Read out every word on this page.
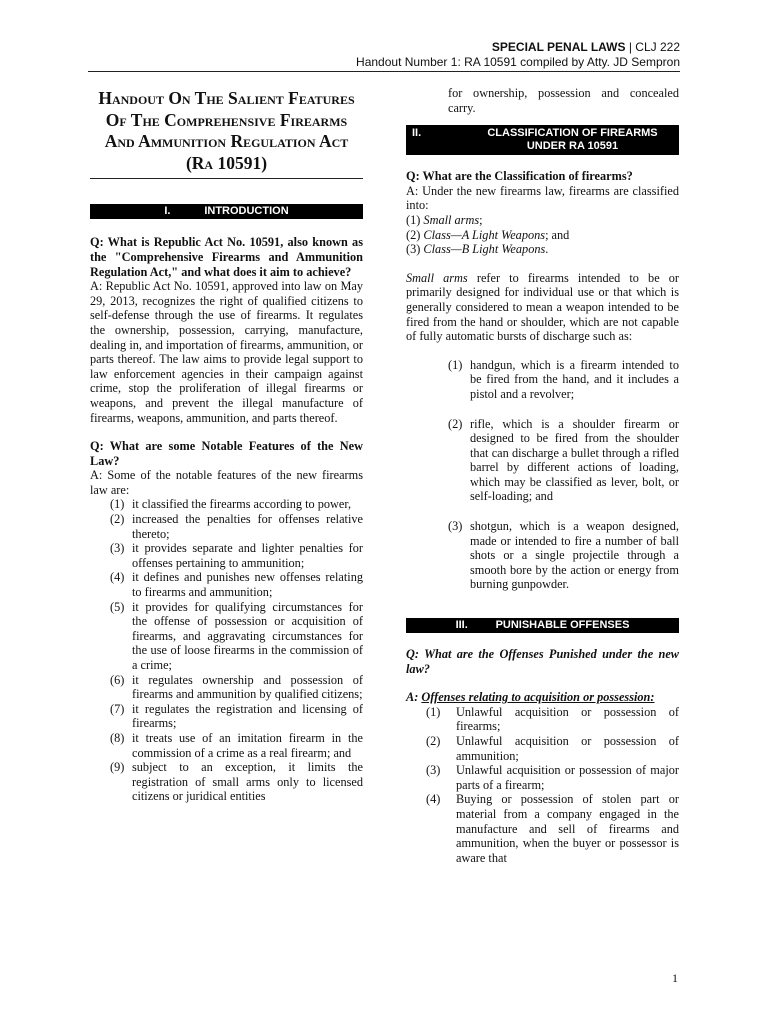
SPECIAL PENAL LAWS | CLJ 222
Handout Number 1: RA 10591 compiled by Atty. JD Sempron
Handout On The Salient Features Of The Comprehensive Firearms And Ammunition Regulation Act (Ra 10591)
I.	INTRODUCTION

Q: What is Republic Act No. 10591, also known as the "Comprehensive Firearms and Ammunition Regulation Act," and what does it aim to achieve?

A: Republic Act No. 10591, approved into law on May 29, 2013, recognizes the right of qualified citizens to self-defense through the use of firearms. It regulates the ownership, possession, carrying, manufacture, dealing in, and importation of firearms, ammunition, or parts thereof. The law aims to provide legal support to law enforcement agencies in their campaign against crime, stop the proliferation of illegal firearms or weapons, and prevent the illegal manufacture of firearms, weapons, ammunition, and parts thereof.

Q: What are some Notable Features of the New Law?

A: Some of the notable features of the new firearms law are:

(1) it classified the firearms according to power,
(2) increased the penalties for offenses relative thereto;
(3) it provides separate and lighter penalties for offenses pertaining to ammunition;
(4) it defines and punishes new offenses relating to firearms and ammunition;
(5) it provides for qualifying circumstances for the offense of possession or acquisition of firearms, and aggravating circumstances for the use of loose firearms in the commission of a crime;
(6) it regulates ownership and possession of firearms and ammunition by qualified citizens;
(7) it regulates the registration and licensing of firearms;
(8) it treats use of an imitation firearm in the commission of a crime as a real firearm; and
(9) subject to an exception, it limits the registration of small arms only to licensed citizens or juridical entities
for ownership, possession and concealed carry.
II.	CLASSIFICATION OF FIREARMS UNDER RA 10591

Q: What are the Classification of firearms?

A: Under the new firearms law, firearms are classified into:

(1) Small arms;
(2) Class—A Light Weapons; and
(3) Class—B Light Weapons.

Small arms refer to firearms intended to be or primarily designed for individual use or that which is generally considered to mean a weapon intended to be fired from the hand or shoulder, which are not capable of fully automatic bursts of discharge such as:

(1) handgun, which is a firearm intended to be fired from the hand, and it includes a pistol and a revolver;
(2) rifle, which is a shoulder firearm or designed to be fired from the shoulder that can discharge a bullet through a rifled barrel by different actions of loading, which may be classified as lever, bolt, or self-loading; and
(3) shotgun, which is a weapon designed, made or intended to fire a number of ball shots or a single projectile through a smooth bore by the action or energy from burning gunpowder.
III.	PUNISHABLE OFFENSES

Q: What are the Offenses Punished under the new law?

A: Offenses relating to acquisition or possession:

(1)	Unlawful acquisition or possession of firearms;
(2)	Unlawful acquisition or possession of ammunition;
(3)	Unlawful acquisition or possession of major parts of a firearm;
(4)	Buying or possession of stolen part or material from a company engaged in the manufacture and sell of firearms and ammunition, when the buyer or possessor is aware that
1
